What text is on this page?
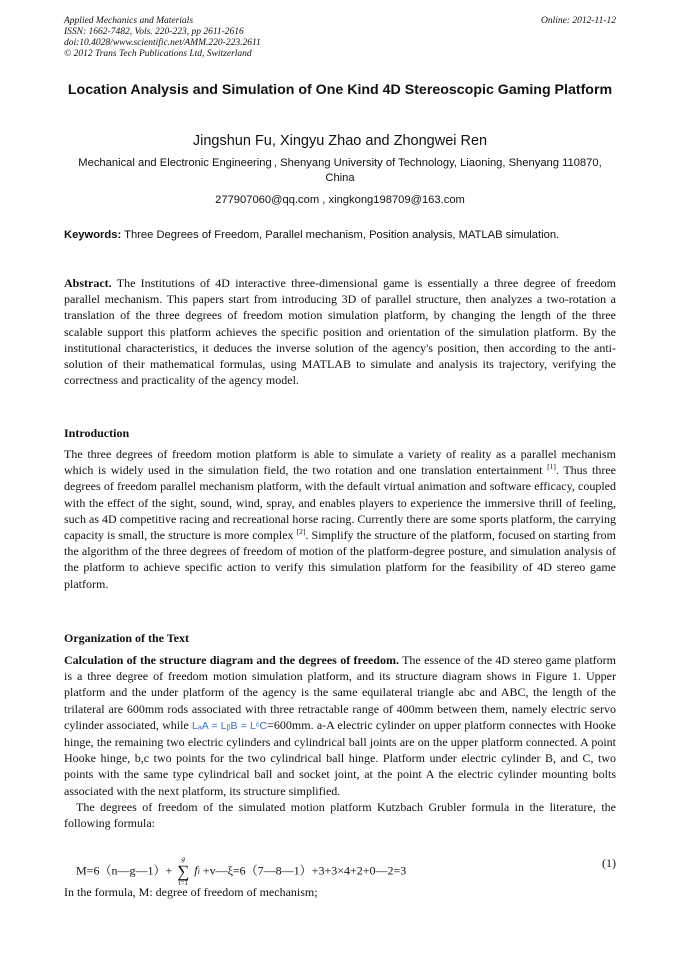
Applied Mechanics and Materials
ISSN: 1662-7482, Vols. 220-223, pp 2611-2616
doi:10.4028/www.scientific.net/AMM.220-223.2611
© 2012 Trans Tech Publications Ltd, Switzerland
Online: 2012-11-12
Location Analysis and Simulation of One Kind 4D Stereoscopic Gaming Platform
Jingshun Fu, Xingyu Zhao and Zhongwei Ren
Mechanical and Electronic Engineering , Shenyang University of Technology, Liaoning, Shenyang 110870, China
277907060@qq.com , xingkong198709@163.com
Keywords: Three Degrees of Freedom, Parallel mechanism, Position analysis, MATLAB simulation.
Abstract. The Institutions of 4D interactive three-dimensional game is essentially a three degree of freedom parallel mechanism. This papers start from introducing 3D of parallel structure, then analyzes a two-rotation a translation of the three degrees of freedom motion simulation platform, by changing the length of the three scalable support this platform achieves the specific position and orientation of the simulation platform. By the institutional characteristics, it deduces the inverse solution of the agency's position, then according to the anti-solution of their mathematical formulas, using MATLAB to simulate and analysis its trajectory, verifying the correctness and practicality of the agency model.
Introduction
The three degrees of freedom motion platform is able to simulate a variety of reality as a parallel mechanism which is widely used in the simulation field, the two rotation and one translation entertainment [1]. Thus three degrees of freedom parallel mechanism platform, with the default virtual animation and software efficacy, coupled with the effect of the sight, sound, wind, spray, and enables players to experience the immersive thrill of feeling, such as 4D competitive racing and recreational horse racing. Currently there are some sports platform, the carrying capacity is small, the structure is more complex [2]. Simplify the structure of the platform, focused on starting from the algorithm of the three degrees of freedom of motion of the platform-degree posture, and simulation analysis of the platform to achieve specific action to verify this simulation platform for the feasibility of 4D stereo game platform.
Organization of the Text
Calculation of the structure diagram and the degrees of freedom. The essence of the 4D stereo game platform is a three degree of freedom motion simulation platform, and its structure diagram shows in Figure 1. Upper platform and the under platform of the agency is the same equilateral triangle abc and ABC, the length of the trilateral are 600mm rods associated with three retractable range of 400mm between them, namely electric servo cylinder associated, while LₐA = LᵦB = LᶜC=600mm. a-A electric cylinder on upper platform connectes with Hooke hinge, the remaining two electric cylinders and cylindrical ball joints are on the upper platform connected. A point Hooke hinge, b,c two points for the two cylindrical ball hinge. Platform under electric cylinder B, and C, two points with the same type cylindrical ball and socket joint, at the point A the electric cylinder mounting bolts associated with the next platform, its structure simplified.
The degrees of freedom of the simulated motion platform Kutzbach Grubler formula in the literature, the following formula:
M=6（n—g—1）+
g
∑
i=1
fi +v—ξ=6（7—8—1）+3+3×4+2+0—2=3
(1)
In the formula, M: degree of freedom of mechanism;
